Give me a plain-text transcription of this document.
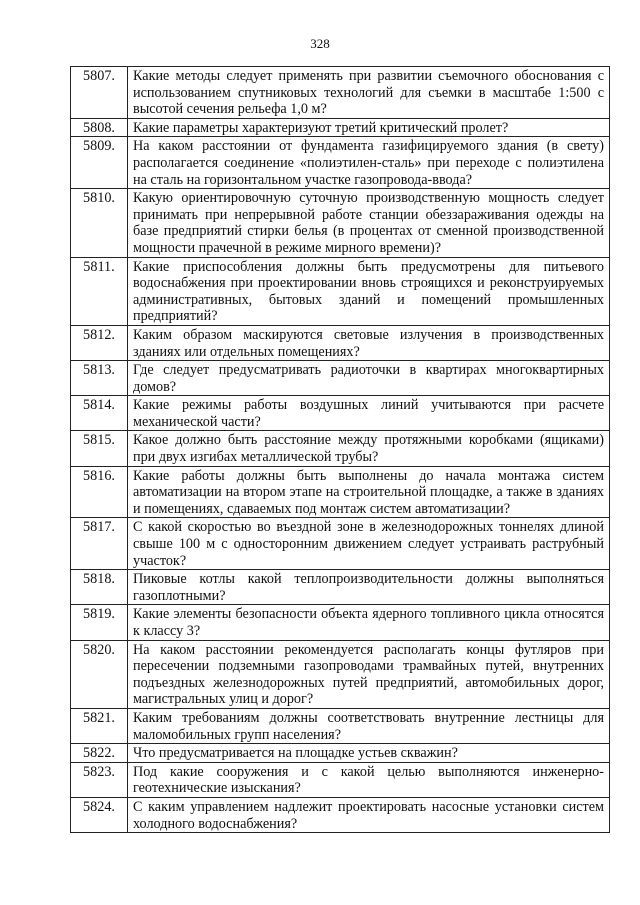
328
5807.	Какие методы следует применять при развитии съемочного обоснования с использованием спутниковых технологий для съемки в масштабе 1:500 с высотой сечения рельефа 1,0 м?
5808.	Какие параметры характеризуют третий критический пролет?
5809.	На каком расстоянии от фундамента газифицируемого здания (в свету) располагается соединение «полиэтилен-сталь» при переходе с полиэтилена на сталь на горизонтальном участке газопровода-ввода?
5810.	Какую ориентировочную суточную производственную мощность следует принимать при непрерывной работе станции обеззараживания одежды на базе предприятий стирки белья (в процентах от сменной производственной мощности прачечной в режиме мирного времени)?
5811.	Какие приспособления должны быть предусмотрены для питьевого водоснабжения при проектировании вновь строящихся и реконструируемых административных, бытовых зданий и помещений промышленных предприятий?
5812.	Каким образом маскируются световые излучения в производственных зданиях или отдельных помещениях?
5813.	Где следует предусматривать радиоточки в квартирах многоквартирных домов?
5814.	Какие режимы работы воздушных линий учитываются при расчете механической части?
5815.	Какое должно быть расстояние между протяжными коробками (ящиками) при двух изгибах металлической трубы?
5816.	Какие работы должны быть выполнены до начала монтажа систем автоматизации на втором этапе на строительной площадке, а также в зданиях и помещениях, сдаваемых под монтаж систем автоматизации?
5817.	С какой скоростью во въездной зоне в железнодорожных тоннелях длиной свыше 100 м с односторонним движением следует устраивать раструбный участок?
5818.	Пиковые котлы какой теплопроизводительности должны выполняться газоплотными?
5819.	Какие элементы безопасности объекта ядерного топливного цикла относятся к классу 3?
5820.	На каком расстоянии рекомендуется располагать концы футляров при пересечении подземными газопроводами трамвайных путей, внутренних подъездных железнодорожных путей предприятий, автомобильных дорог, магистральных улиц и дорог?
5821.	Каким требованиям должны соответствовать внутренние лестницы для маломобильных групп населения?
5822.	Что предусматривается на площадке устьев скважин?
5823.	Под какие сооружения и с какой целью выполняются инженерно-геотехнические изыскания?
5824.	С каким управлением надлежит проектировать насосные установки систем холодного водоснабжения?
